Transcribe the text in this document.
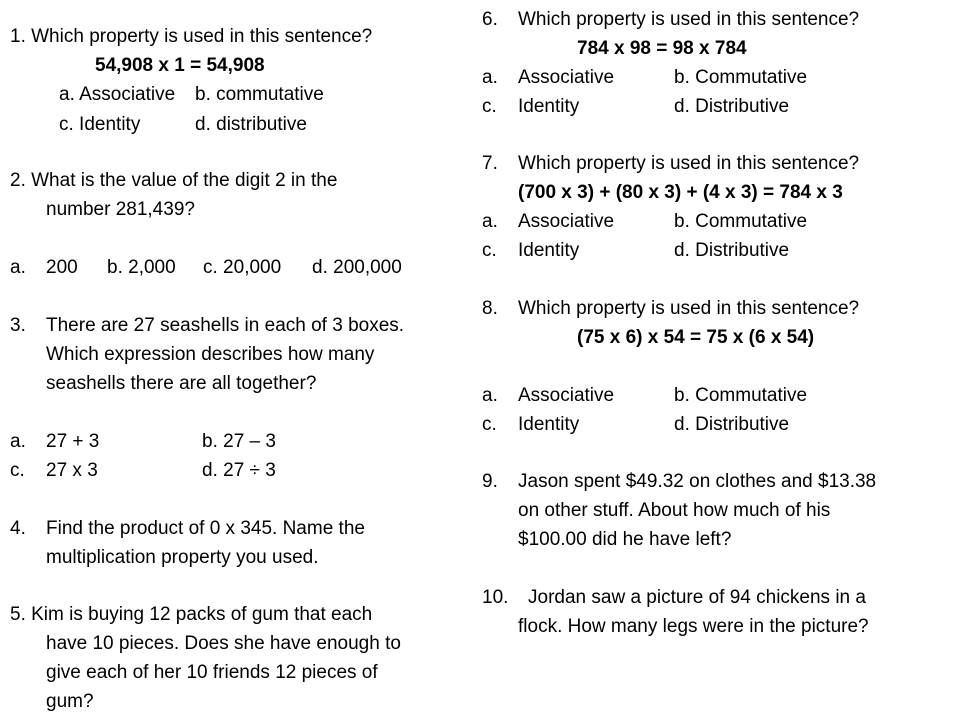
1. Which property is used in this sentence?
54,908 x 1 = 54,908
a. Associative b. commutative
c. Identity	d. distributive
2. What is the value of the digit 2 in the
number 281,439?
a. 200 b. 2,000 c. 20,000 d. 200,000
3. There are 27 seashells in each of 3 boxes.
Which expression describes how many
seashells there are all together?
a. 27 + 3	b. 27 – 3
c. 27 x 3	d. 27 ÷ 3
4. Find the product of 0 x 345. Name the
multiplication property you used.
5. Kim is buying 12 packs of gum that each
have 10 pieces. Does she have enough to
give each of her 10 friends 12 pieces of
gum?
6. Which property is used in this sentence?
784 x 98 = 98 x 784
a. Associative	b. Commutative
c. Identity	d. Distributive
7. Which property is used in this sentence?
(700 x 3) + (80 x 3) + (4 x 3) = 784 x 3
a. Associative	b. Commutative
c. Identity	d. Distributive
8. Which property is used in this sentence?
(75 x 6) x 54 = 75 x (6 x 54)
a. Associative	b. Commutative
c. Identity	d. Distributive
9. Jason spent $49.32 on clothes and $13.38
on other stuff. About how much of his
$100.00 did he have left?
10. Jordan saw a picture of 94 chickens in a
flock. How many legs were in the picture?
